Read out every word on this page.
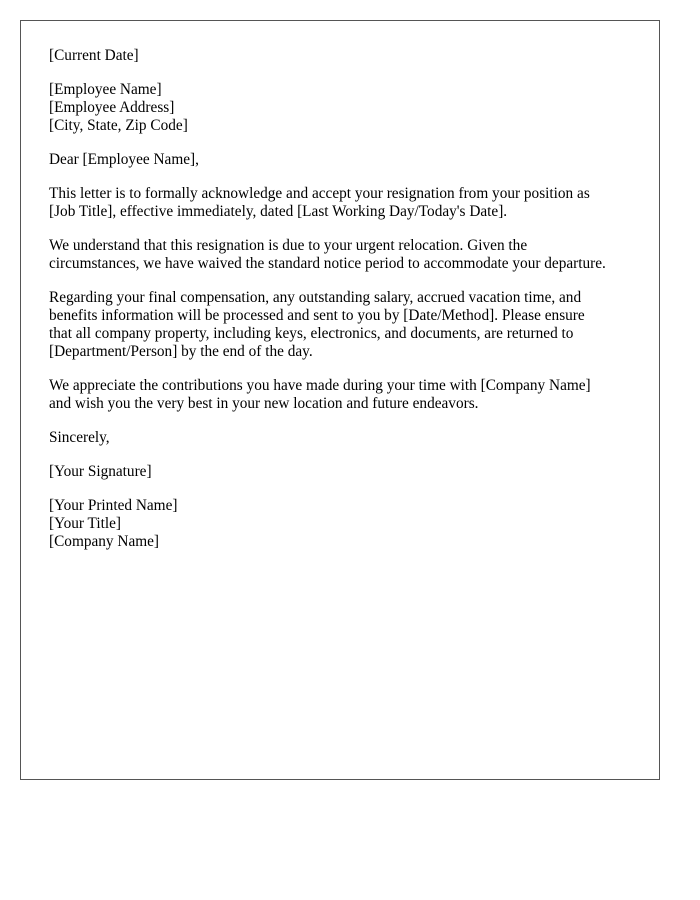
[Current Date]
[Employee Name]
[Employee Address]
[City, State, Zip Code]
Dear [Employee Name],

This letter is to formally acknowledge and accept your resignation from your position as
[Job Title], effective immediately, dated [Last Working Day/Today's Date].

We understand that this resignation is due to your urgent relocation. Given the
circumstances, we have waived the standard notice period to accommodate your departure.

Regarding your final compensation, any outstanding salary, accrued vacation time, and
benefits information will be processed and sent to you by [Date/Method]. Please ensure
that all company property, including keys, electronics, and documents, are returned to
[Department/Person] by the end of the day.

We appreciate the contributions you have made during your time with [Company Name]
and wish you the very best in your new location and future endeavors.

Sincerely,
[Your Signature]
[Your Printed Name]
[Your Title]
[Company Name]
